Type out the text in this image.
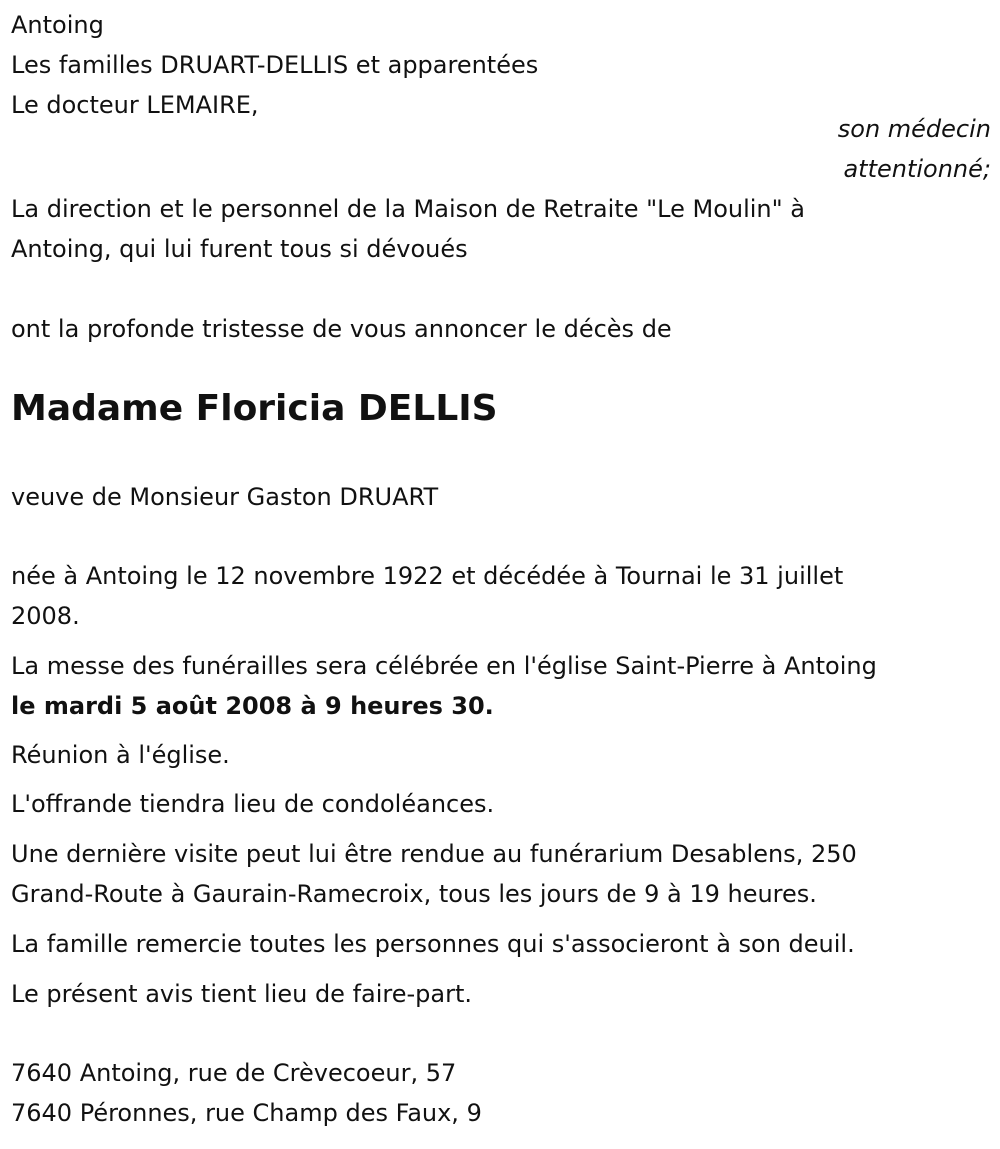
Antoing

Les familles DRUART-DELLIS et apparentées

Le docteur LEMAIRE,

son médecin

attentionné;

La direction et le personnel de la Maison de Retraite "Le Moulin" à

Antoing, qui lui furent tous si dévoués

ont la profonde tristesse de vous annoncer le décès de

Madame Floricia DELLIS

veuve de Monsieur Gaston DRUART

née à Antoing le 12 novembre 1922 et décédée à Tournai le 31 juillet

2008.

La messe des funérailles sera célébrée en l'église Saint-Pierre à Antoing

le mardi 5 août 2008 à 9 heures 30.

Réunion à l'église.

L'offrande tiendra lieu de condoléances.

Une dernière visite peut lui être rendue au funérarium Desablens, 250

Grand-Route à Gaurain-Ramecroix, tous les jours de 9 à 19 heures.

La famille remercie toutes les personnes qui s'associeront à son deuil.

Le présent avis tient lieu de faire-part.

7640 Antoing, rue de Crèvecoeur, 57

7640 Péronnes, rue Champ des Faux, 9
